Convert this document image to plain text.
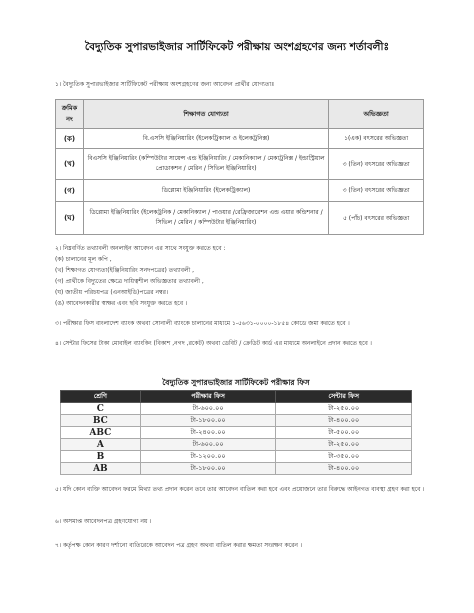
বৈদ্যুতিক সুপারভাইজার সার্টিফিকেট পরীক্ষায় অংশগ্রহণের জন্য শর্তাবলীঃ
১। বৈদ্যুতিক সুপারভাইজার সার্টিফিকেট পরীক্ষায় অংশগ্রহণের জন্য আবেদন প্রার্থীর যোগ্যতাঃ
ক্রমিক নং	শিক্ষাগত যোগ্যতা	অভিজ্ঞতা
(ক)	বি.এসসি ইঞ্জিনিয়ারিং (ইলেকট্রিক্যাল ও ইলেকট্রনিক্স)	১(এক) বৎসরের অভিজ্ঞতা
(খ)	বিএসসি ইঞ্জিনিয়ারিং (কম্পিউটার সায়েন্স এন্ড ইঞ্জিনিয়ারিং / মেকানিক্যাল / মেকাট্রনিক্স / ইন্ডাস্ট্রিয়াল প্রোডাকশন / মেরিন / সিভিল ইঞ্জিনিয়ারিং)	৩ (তিন) বৎসরের অভিজ্ঞতা
(গ)	ডিপ্লোমা ইঞ্জিনিয়ারিং (ইলেকট্রিক্যাল)	৩ (তিন) বৎসরের অভিজ্ঞতা
(ঘ)	ডিপ্লোমা ইঞ্জিনিয়ারিং (ইলেকট্রনিক / মেকানিক্যাল / পাওয়ার /রেফ্রিজারেশন এন্ড এয়ার কন্ডিশনার / সিভিল / মেরিন / কম্পিউটার ইঞ্জিনিয়ারিং)	৫ (পাঁচ) বৎসরের অভিজ্ঞতা
২। নিম্নবর্ণিত তথ্যাবলী অনলাইন আবেদন এর সাথে সংযুক্ত করতে হবে :
(ক) চালানের মূল কপি ,
(খ) শিক্ষাগত যোগ্যতা(ইঞ্জিনিয়ারিং সনদপত্রের) তথ্যাবলী ,
(গ) প্রার্থীকে বিদ্যুতের ক্ষেত্রে দায়িত্বশীল অভিজ্ঞতার তথ্যাবলী ,
(ঘ) জাতীয় পরিচয়পত্র (এনআইডি)পত্রের নম্বর।
(ঙ) আবেদনকারীর স্বাক্ষর এবং ছবি সংযুক্ত করতে হবে ।
৩। পরীক্ষার ফিস বাংলাদেশ ব্যাংক অথবা সোনালী ব্যাংকে চালানের মাধ্যমে ১-৫৬৩১-০০০০-১৮৫৪ কোডে জমা করতে হবে ।
৪। সেন্টার ফিসের টাকা মোবাইল ব্যাংকিং (বিকাশ ,নগদ ,রকেট) অথবা ডেবিট / ক্রেডিট কার্ড এর মাধ্যমে অনলাইনে প্রদান করতে হবে ।
বৈদ্যুতিক সুপারভাইজার সার্টিফিকেট পরীক্ষার ফিস
শ্রেণি	পরীক্ষার ফিস	সেন্টার ফিস
C	টা-৬০০.০০	টা-২৫০.০০
BC	টা-১৮০০.০০	টা-৪০০.০০
ABC	টা-২৪০০.০০	টা-৫০০.০০
A	টা-৬০০.০০	টা-২৫০.০০
B	টা-১২০০.০০	টা-৩৫০.০০
AB	টা-১৮০০.০০	টা-৪০০.০০
৫। যদি কোন ব্যক্তি আবেদন ফরমে মিথ্যা তথ্য প্রদান করেন তবে তার আবেদন বাতিল করা হবে এবং প্রয়োজনে তার বিরুদ্ধে আইনগত ব্যবস্থা গ্রহণ করা হবে ।
৬। অসমাপ্ত আবেদনপত্র গ্রহণযোগ্য নয় ।
৭। কর্তৃপক্ষ কোন কারণ দর্শানো ব্যতিরেকে আবেদন পত্র গ্রহণ অথবা বাতিল করার ক্ষমতা সংরক্ষণ করেন ।
